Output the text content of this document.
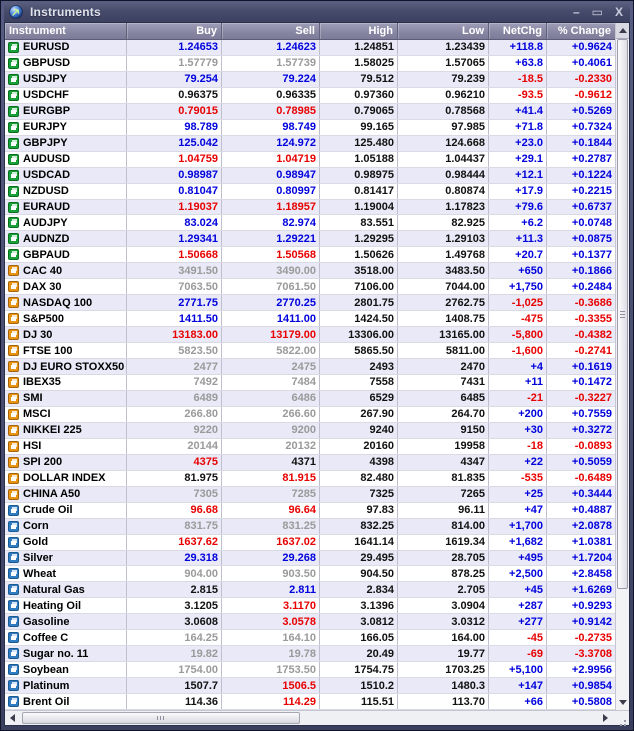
Instruments	– ▭ X
Instrument	Buy	Sell	High	Low	NetChg	% Change
EURUSD	1.24653	1.24623	1.24851	1.23439	+118.8	+0.9624
GBPUSD	1.57779	1.57739	1.58025	1.57065	+63.8	+0.4061
USDJPY	79.254	79.224	79.512	79.239	-18.5	-0.2330
USDCHF	0.96375	0.96335	0.97360	0.96210	-93.5	-0.9612
EURGBP	0.79015	0.78985	0.79065	0.78568	+41.4	+0.5269
EURJPY	98.789	98.749	99.165	97.985	+71.8	+0.7324
GBPJPY	125.042	124.972	125.480	124.668	+23.0	+0.1844
AUDUSD	1.04759	1.04719	1.05188	1.04437	+29.1	+0.2787
USDCAD	0.98987	0.98947	0.98975	0.98444	+12.1	+0.1224
NZDUSD	0.81047	0.80997	0.81417	0.80874	+17.9	+0.2215
EURAUD	1.19037	1.18957	1.19004	1.17823	+79.6	+0.6737
AUDJPY	83.024	82.974	83.551	82.925	+6.2	+0.0748
AUDNZD	1.29341	1.29221	1.29295	1.29103	+11.3	+0.0875
GBPAUD	1.50668	1.50568	1.50626	1.49768	+20.7	+0.1377
CAC 40	3491.50	3490.00	3518.00	3483.50	+650	+0.1866
DAX 30	7063.50	7061.50	7106.00	7044.00	+1,750	+0.2484
NASDAQ 100	2771.75	2770.25	2801.75	2762.75	-1,025	-0.3686
S&P500	1411.50	1411.00	1424.50	1408.75	-475	-0.3355
DJ 30	13183.00	13179.00	13306.00	13165.00	-5,800	-0.4382
FTSE 100	5823.50	5822.00	5865.50	5811.00	-1,600	-0.2741
DJ EURO STOXX50	2477	2475	2493	2470	+4	+0.1619
IBEX35	7492	7484	7558	7431	+11	+0.1472
SMI	6489	6486	6529	6485	-21	-0.3227
MSCI	266.80	266.60	267.90	264.70	+200	+0.7559
NIKKEI 225	9220	9200	9240	9150	+30	+0.3272
HSI	20144	20132	20160	19958	-18	-0.0893
SPI 200	4375	4371	4398	4347	+22	+0.5059
DOLLAR INDEX	81.975	81.915	82.480	81.835	-535	-0.6489
CHINA A50	7305	7285	7325	7265	+25	+0.3444
Crude Oil	96.68	96.64	97.83	96.11	+47	+0.4887
Corn	831.75	831.25	832.25	814.00	+1,700	+2.0878
Gold	1637.62	1637.02	1641.14	1619.34	+1,682	+1.0381
Silver	29.318	29.268	29.495	28.705	+495	+1.7204
Wheat	904.00	903.50	904.50	878.25	+2,500	+2.8458
Natural Gas	2.815	2.811	2.834	2.705	+45	+1.6269
Heating Oil	3.1205	3.1170	3.1396	3.0904	+287	+0.9293
Gasoline	3.0608	3.0578	3.0812	3.0312	+277	+0.9142
Coffee C	164.25	164.10	166.05	164.00	-45	-0.2735
Sugar no. 11	19.82	19.78	20.49	19.77	-69	-3.3708
Soybean	1754.00	1753.50	1754.75	1703.25	+5,100	+2.9956
Platinum	1507.7	1506.5	1510.2	1480.3	+147	+0.9854
Brent Oil	114.36	114.29	115.51	113.70	+66	+0.5808
